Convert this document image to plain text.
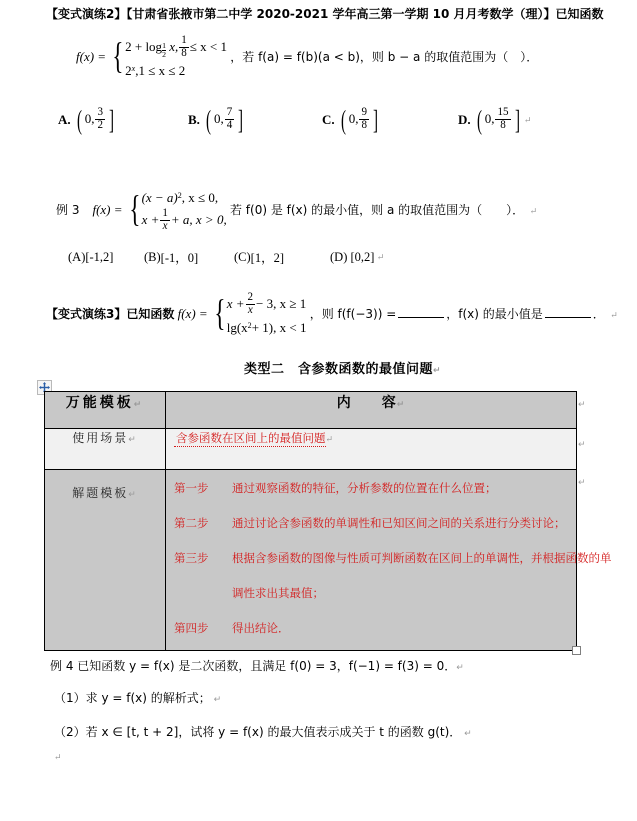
【变式演练2】【甘肃省张掖市第二中学 2020-2021 学年高三第一学期 10 月月考数学（理）】已知函数
f(x) = { $2 + \log \frac{1}{2} x$, $\frac{1}{8} \le x < 1$
$2^x,1 \le x \le 2$
，若 f(a) = f(b)(a < b)，则 b − a 的取值范围为（　）．
A. ( 0, $\frac{3}{2}$ ]	B. ( 0, $\frac{7}{4}$ ]	C. ( 0, $\frac{9}{8}$ ]	D. ( 0, $\frac{15}{8}$ ] ↵
例 3 f(x) = { $(x - a)^2$, x ≤ 0,
$x + \frac{1}{x} + a$, x > 0,
若 f(0) 是 f(x) 的最小值，则 a 的取值范围为（　　）．  ↵
(A) [-1,2] (B) [-1，0]	(C) [1，2]	(D)
[0,2] ↵
【变式演练3】已知函数 f(x) = { $x + \frac{2}{x} - 3$, x ≥ 1
$\lg(x^2+ 1)$, x < 1
，则 f(f(−3)) =	，f(x) 的最小值是	．  ↵
类型二　含参数函数的最值问题↵
万能模板↵	内　　容↵

使用场景↵	含参函数在区间上的最值问题↵

解题模板↵	第一步	通过观察函数的特征，分析参数的位置在什么位置；
第二步	通过讨论含参函数的单调性和已知区间之间的关系进行分类讨论；
第三步	根据含参函数的图像与性质可判断函数在区间上的单调性，并根据函数的单
调性求出其最值；
第四步	得出结论．
↵
↵
↵
例 4 已知函数 y = f(x) 是二次函数，且满足 f(0) = 3，f(−1) = f(3) = 0．↵
（1）求 y = f(x) 的解析式； ↵
（2）若 x ∈ [t, t + 2]，试将 y = f(x) 的最大值表示成关于 t 的函数 g(t)． ↵
↵
